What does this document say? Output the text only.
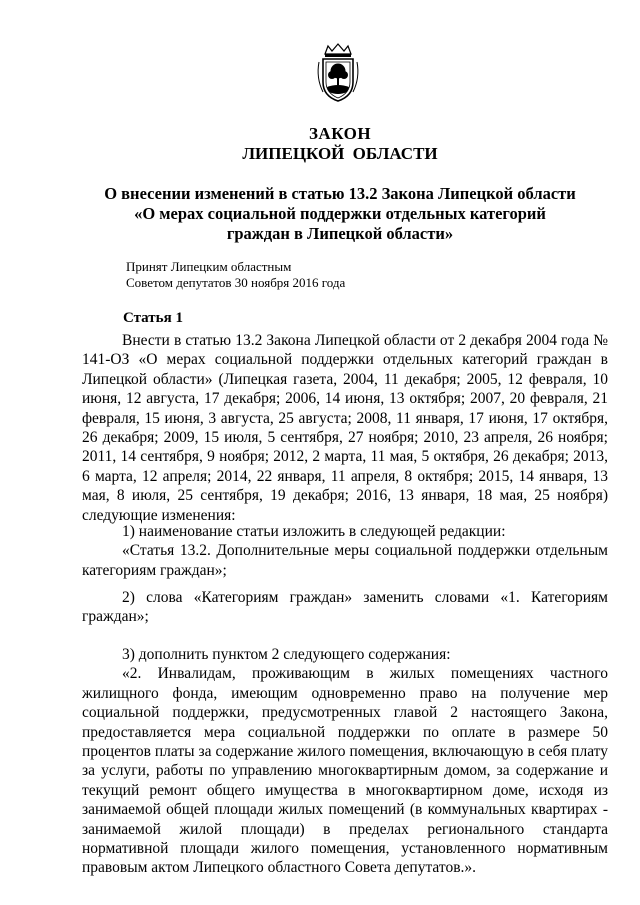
ЗАКОН
ЛИПЕЦКОЙ ОБЛАСТИ
О внесении изменений в статью 13.2 Закона Липецкой области
«О мерах социальной поддержки отдельных категорий
граждан в Липецкой области»
Принят Липецким областным
Советом депутатов 30 ноября 2016 года
Статья 1

Внести в статью 13.2 Закона Липецкой области от 2 декабря 2004 года № 141-ОЗ «О мерах социальной поддержки отдельных категорий граждан в Липецкой области» (Липецкая газета, 2004, 11 декабря; 2005, 12 февраля, 10 июня, 12 августа, 17 декабря; 2006, 14 июня, 13 октября; 2007, 20 февраля, 21 февраля, 15 июня, 3 августа, 25 августа; 2008, 11 января, 17 июня, 17 октября, 26 декабря; 2009, 15 июля, 5 сентября, 27 ноября; 2010, 23 апреля, 26 ноября; 2011, 14 сентября, 9 ноября; 2012, 2 марта, 11 мая, 5 октября, 26 декабря; 2013, 6 марта, 12 апреля; 2014, 22 января, 11 апреля, 8 октября; 2015, 14 января, 13 мая, 8 июля, 25 сентября, 19 декабря; 2016, 13 января, 18 мая, 25 ноября) следующие изменения:

1) наименование статьи изложить в следующей редакции:

«Статья 13.2. Дополнительные меры социальной поддержки отдельным категориям граждан»;

2) слова «Категориям граждан» заменить словами «1. Категориям граждан»;

3) дополнить пунктом 2 следующего содержания:

«2. Инвалидам, проживающим в жилых помещениях частного жилищного фонда, имеющим одновременно право на получение мер социальной поддержки, предусмотренных главой 2 настоящего Закона, предоставляется мера социальной поддержки по оплате в размере 50 процентов платы за содержание жилого помещения, включающую в себя плату за услуги, работы по управлению многоквартирным домом, за содержание и текущий ремонт общего имущества в многоквартирном доме, исходя из занимаемой общей площади жилых помещений (в коммунальных квартирах - занимаемой жилой площади) в пределах регионального стандарта нормативной площади жилого помещения, установленного нормативным правовым актом Липецкого областного Совета депутатов.».
